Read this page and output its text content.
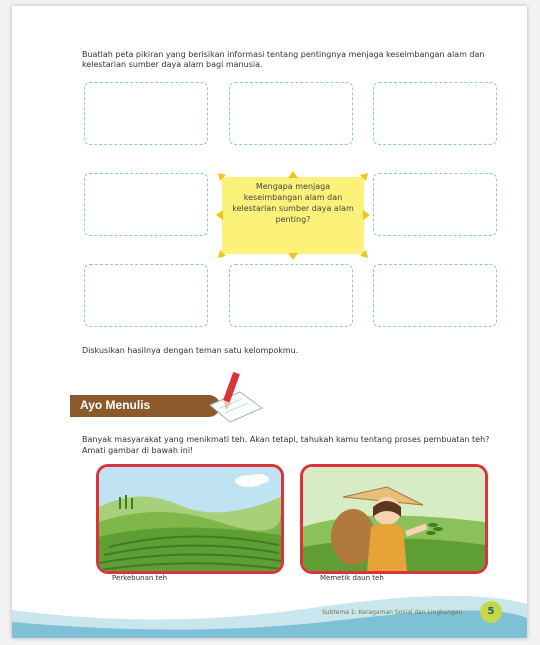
Buatlah peta pikiran yang berisikan informasi tentang pentingnya menjaga keseimbangan alam dan kelestarian sumber daya alam bagi manusia.
Mengapa menjaga keseimbangan alam dan kelestarian sumber daya alam penting?
Diskusikan hasilnya dengan teman satu kelompokmu.
Ayo Menulis
Banyak masyarakat yang menikmati teh. Akan tetapi, tahukah kamu tentang proses pembuatan teh? Amati gambar di bawah ini!
Perkebunan teh	Memetik daun teh
Subtema 1: Keragaman Sosial dan Lingkungan	5
